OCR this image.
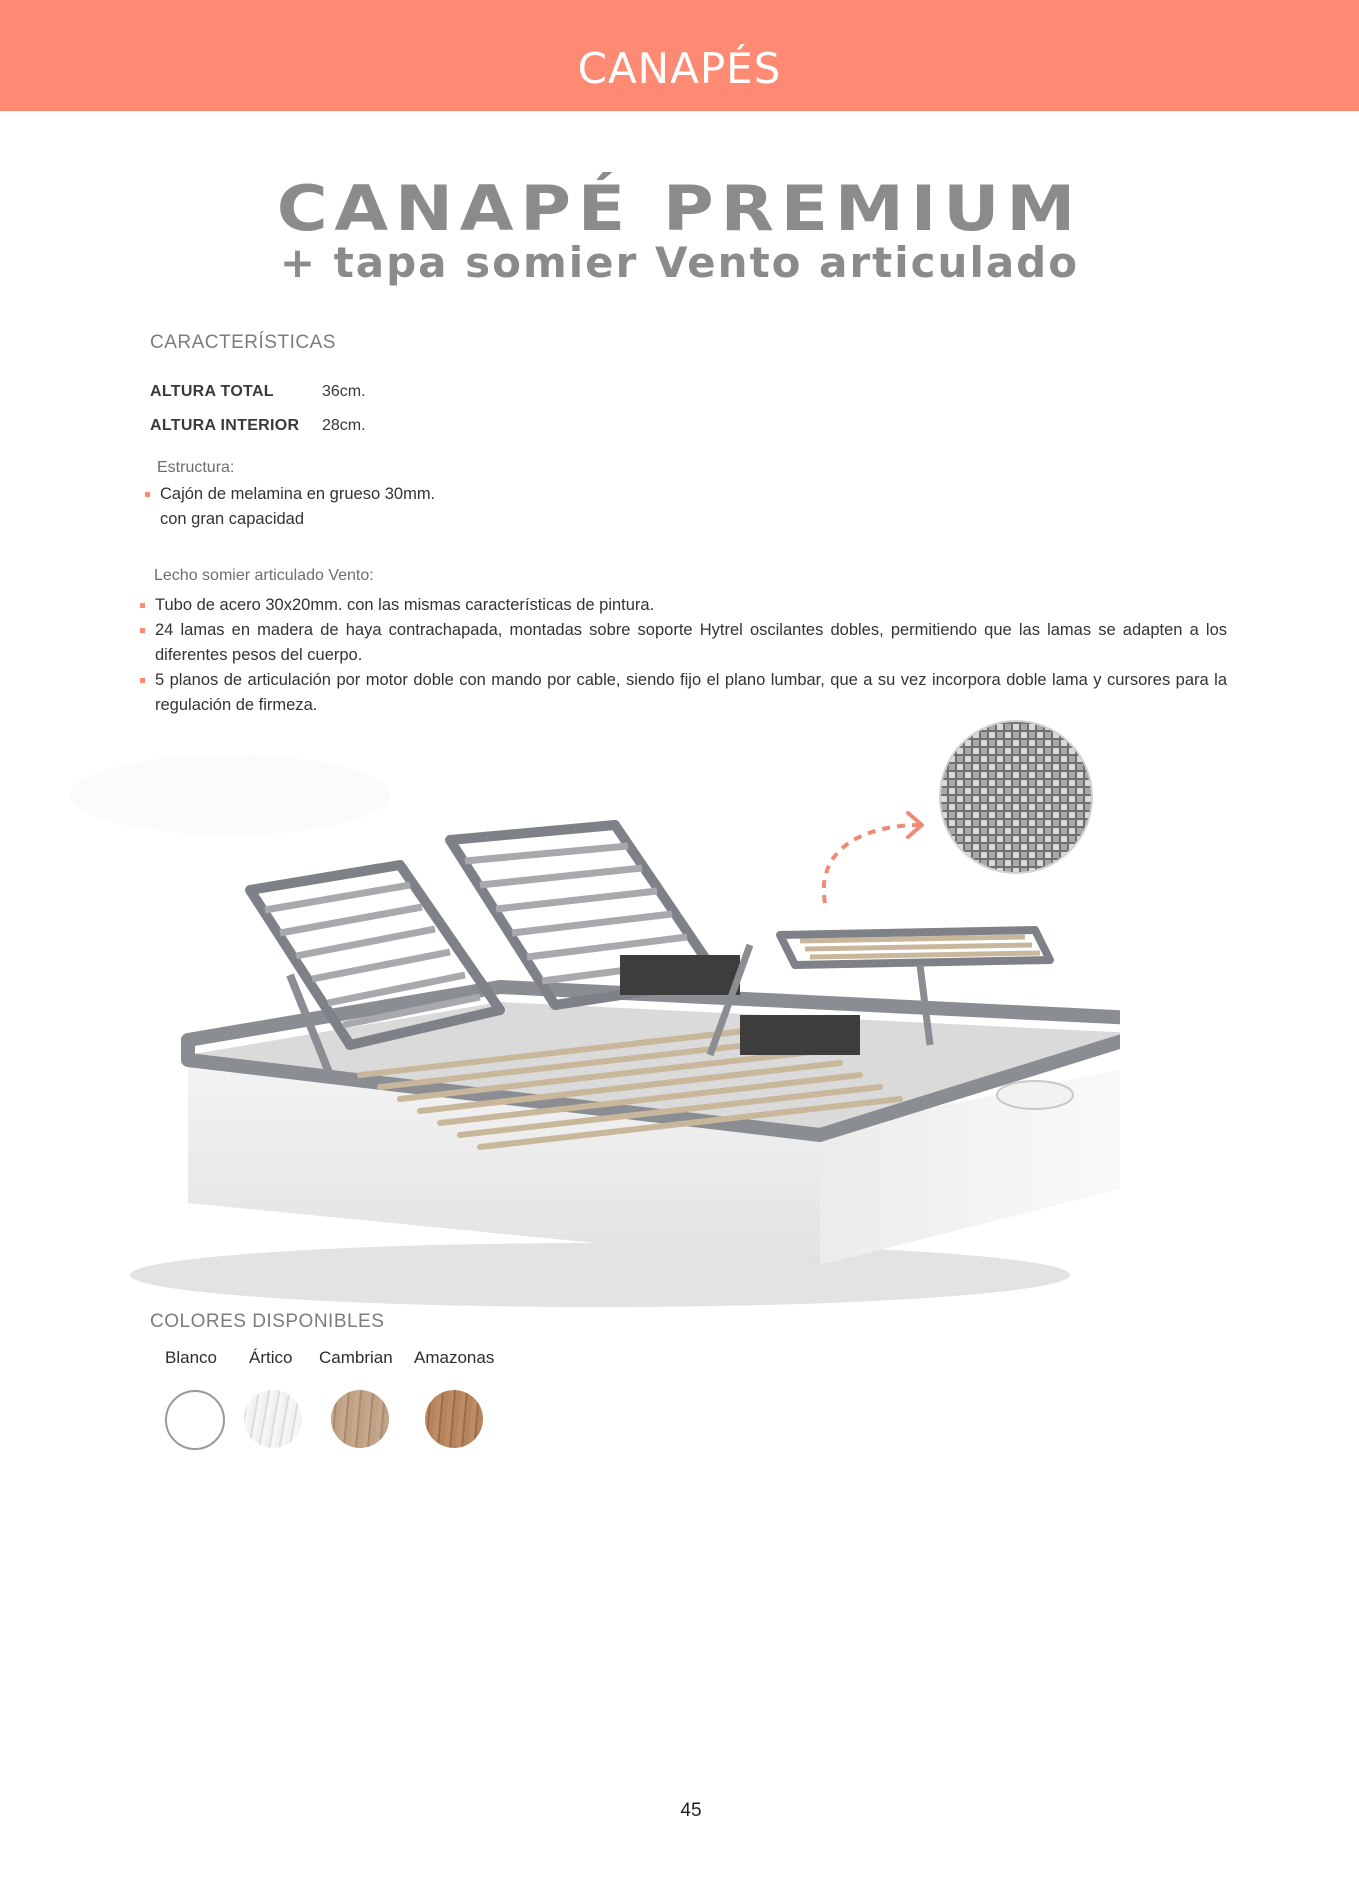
CANAPÉS
CANAPÉ PREMIUM
+ tapa somier Vento articulado
CARACTERÍSTICAS
ALTURA TOTAL	36cm.
ALTURA INTERIOR 28cm.
Estructura:
Cajón de melamina en grueso 30mm.
con gran capacidad
Lecho somier articulado Vento:
Tubo de acero 30x20mm. con las mismas características de pintura.
24 lamas en madera de haya contrachapada, montadas sobre soporte Hytrel oscilantes dobles, permitiendo que las lamas se adapten a los diferentes pesos del cuerpo.
5 planos de articulación por motor doble con mando por cable, siendo fijo el plano lumbar, que a su vez incorpora doble lama y cursores para la regulación de firmeza.
COLORES DISPONIBLES
Blanco Ártico Cambrian Amazonas
45
